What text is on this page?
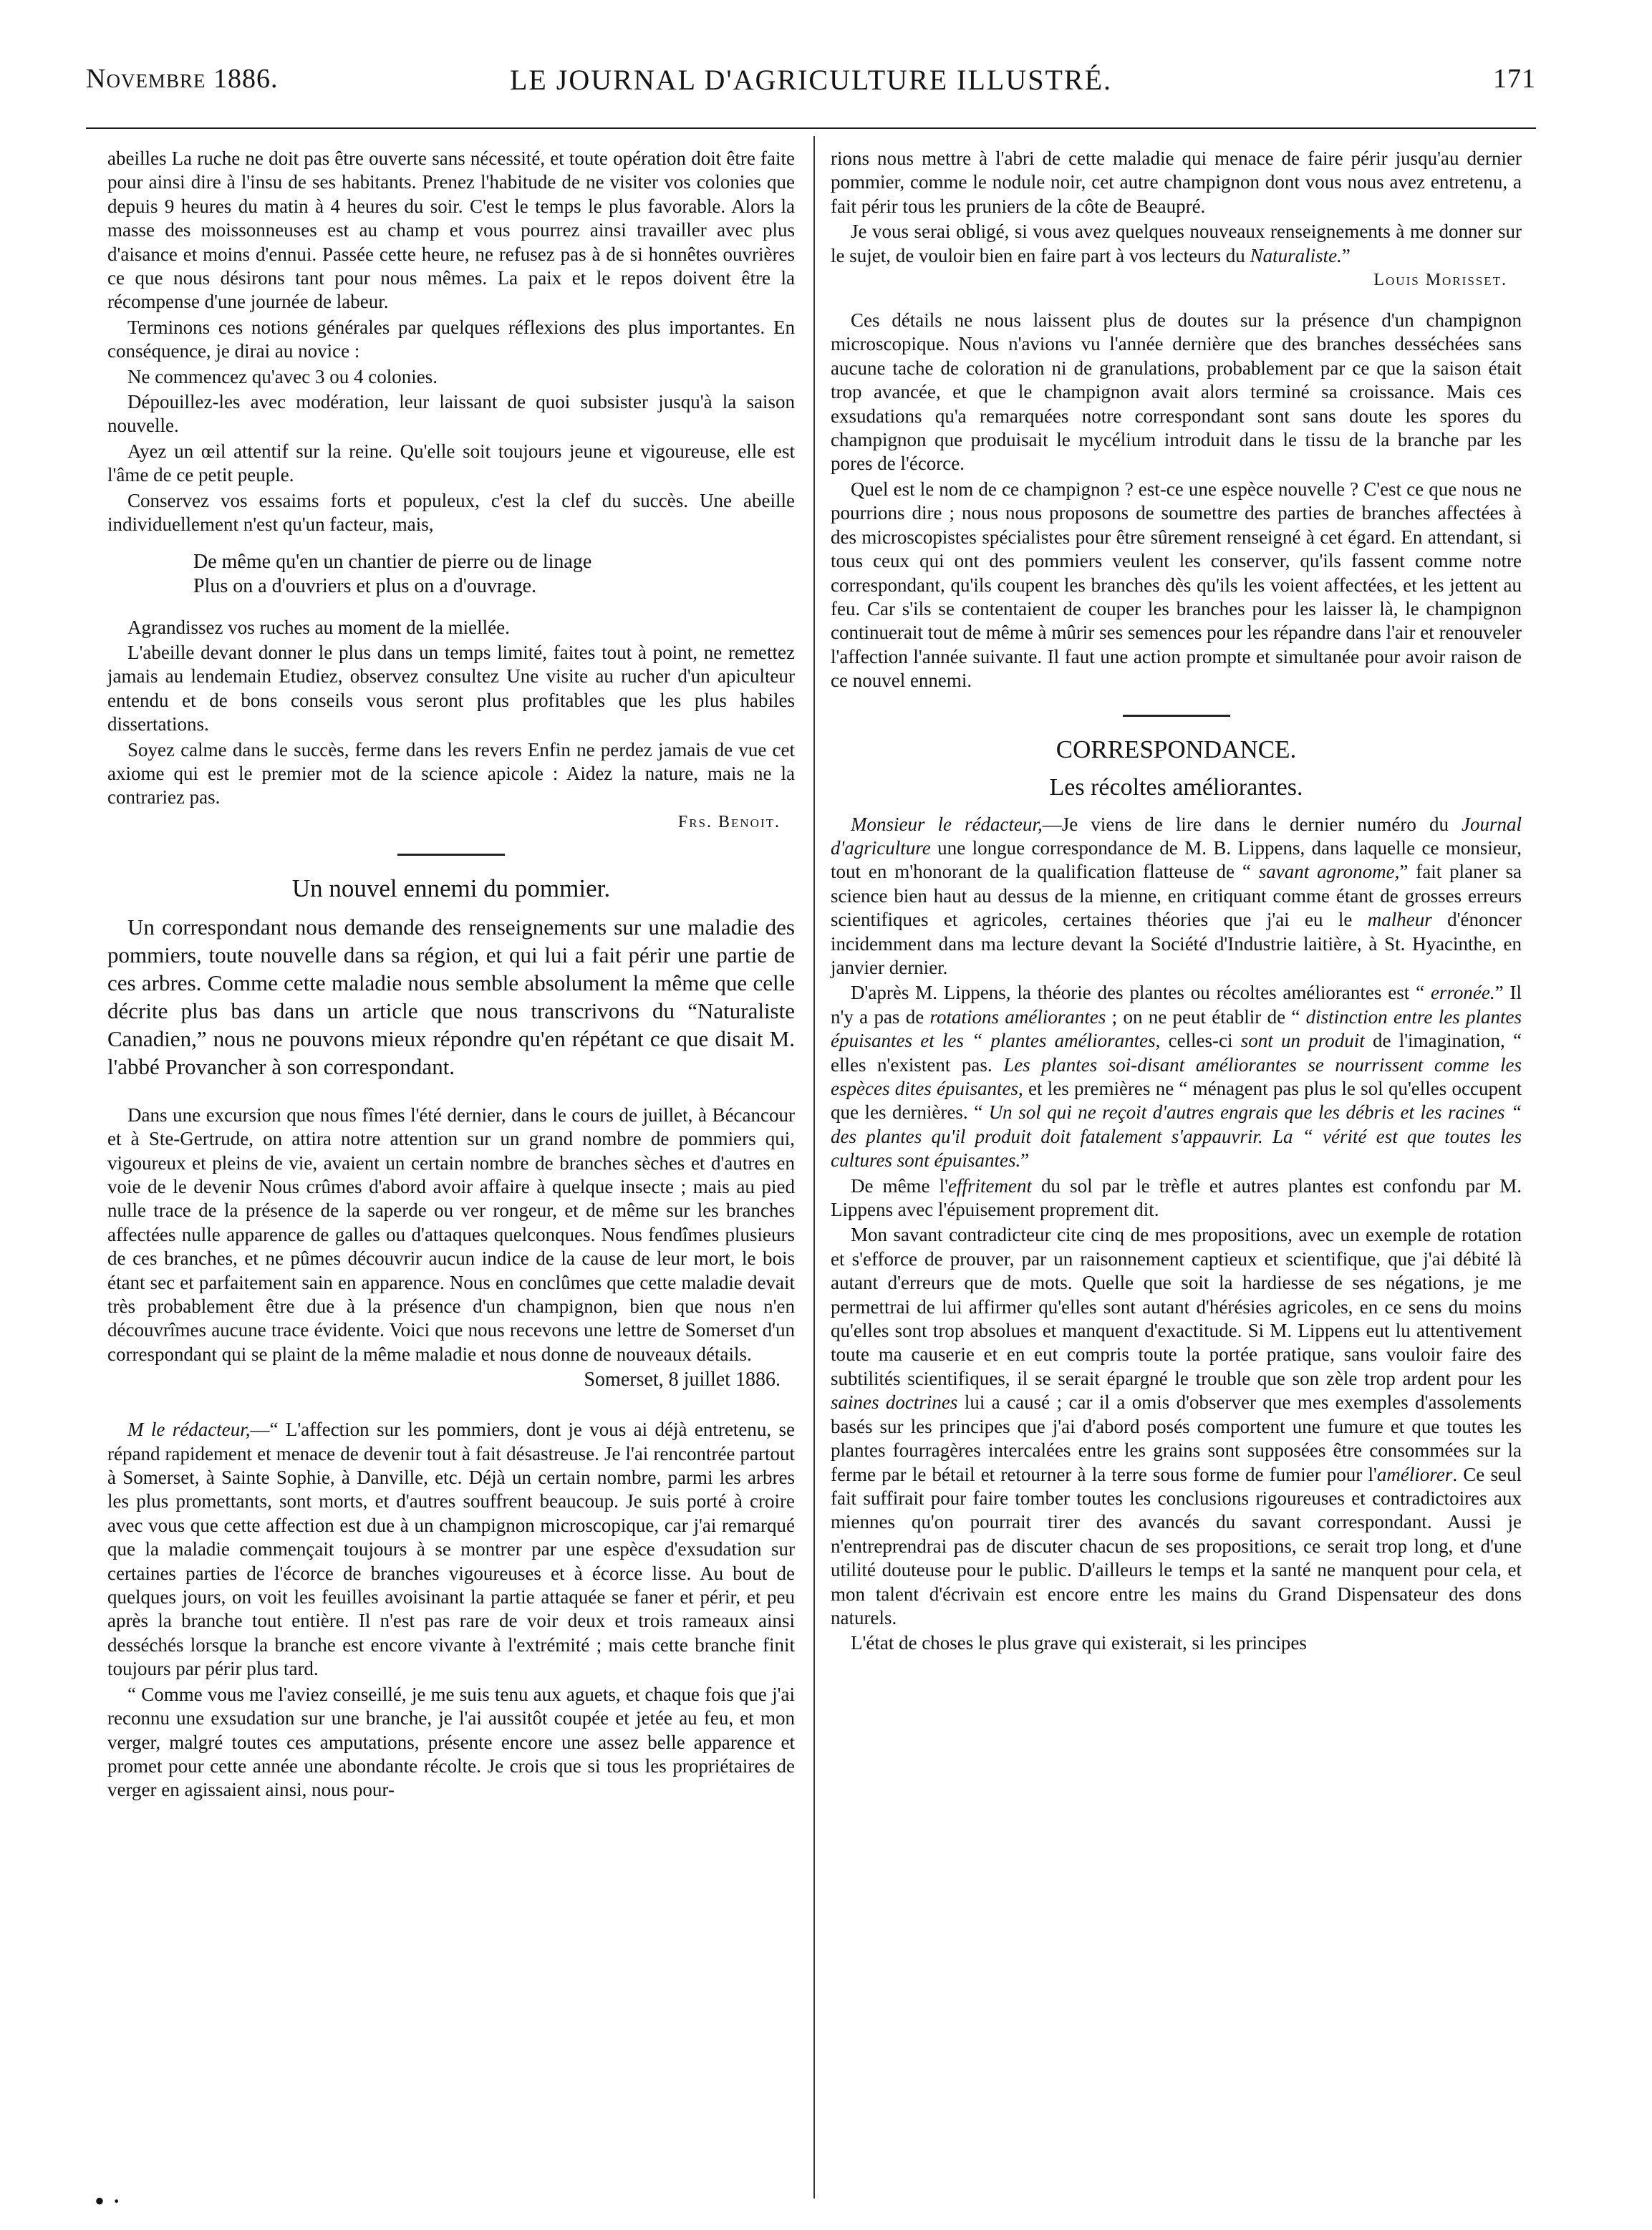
Novembre 1886.	LE JOURNAL D'AGRICULTURE ILLUSTRÉ.	171

abeilles La ruche ne doit pas être ouverte sans nécessité, et toute opération doit être faite pour ainsi dire à l'insu de ses habitants. Prenez l'habitude de ne visiter vos colonies que depuis 9 heures du matin à 4 heures du soir. C'est le temps le plus favorable. Alors la masse des moissonneuses est au champ et vous pourrez ainsi travailler avec plus d'aisance et moins d'ennui. Passée cette heure, ne refusez pas à de si honnêtes ouvrières ce que nous désirons tant pour nous mêmes. La paix et le repos doivent être la récompense d'une journée de labeur.

Terminons ces notions générales par quelques réflexions des plus importantes. En conséquence, je dirai au novice :

Ne commencez qu'avec 3 ou 4 colonies.

Dépouillez-les avec modération, leur laissant de quoi subsister jusqu'à la saison nouvelle.

Ayez un œil attentif sur la reine. Qu'elle soit toujours jeune et vigoureuse, elle est l'âme de ce petit peuple.

Conservez vos essaims forts et populeux, c'est la clef du succès. Une abeille individuellement n'est qu'un facteur, mais,

De même qu'en un chantier de pierre ou de linage
Plus on a d'ouvriers et plus on a d'ouvrage.

Agrandissez vos ruches au moment de la miellée.

L'abeille devant donner le plus dans un temps limité, faites tout à point, ne remettez jamais au lendemain Etudiez, observez consultez Une visite au rucher d'un apiculteur entendu et de bons conseils vous seront plus profitables que les plus habiles dissertations.

Soyez calme dans le succès, ferme dans les revers Enfin ne perdez jamais de vue cet axiome qui est le premier mot de la science apicole : Aidez la nature, mais ne la contrariez pas.

Frs. Benoit.
Un nouvel ennemi du pommier.

Un correspondant nous demande des renseignements sur une maladie des pommiers, toute nouvelle dans sa région, et qui lui a fait périr une partie de ces arbres. Comme cette maladie nous semble absolument la même que celle décrite plus bas dans un article que nous transcrivons du “Naturaliste Canadien,” nous ne pouvons mieux répondre qu'en répétant ce que disait M. l'abbé Provancher à son correspondant.

Dans une excursion que nous fîmes l'été dernier, dans le cours de juillet, à Bécancour et à Ste-Gertrude, on attira notre attention sur un grand nombre de pommiers qui, vigoureux et pleins de vie, avaient un certain nombre de branches sèches et d'autres en voie de le devenir Nous crûmes d'abord avoir affaire à quelque insecte ; mais au pied nulle trace de la présence de la saperde ou ver rongeur, et de même sur les branches affectées nulle apparence de galles ou d'attaques quelconques. Nous fendîmes plusieurs de ces branches, et ne pûmes découvrir aucun indice de la cause de leur mort, le bois étant sec et parfaitement sain en apparence. Nous en conclûmes que cette maladie devait très probablement être due à la présence d'un champignon, bien que nous n'en découvrîmes aucune trace évidente. Voici que nous recevons une lettre de Somerset d'un correspondant qui se plaint de la même maladie et nous donne de nouveaux détails.

Somerset, 8 juillet 1886.

M le rédacteur,—“ L'affection sur les pommiers, dont je vous ai déjà entretenu, se répand rapidement et menace de devenir tout à fait désastreuse. Je l'ai rencontrée partout à Somerset, à Sainte Sophie, à Danville, etc. Déjà un certain nombre, parmi les arbres les plus promettants, sont morts, et d'autres souffrent beaucoup. Je suis porté à croire avec vous que cette affection est due à un champignon microscopique, car j'ai remarqué que la maladie commençait toujours à se montrer par une espèce d'exsudation sur certaines parties de l'écorce de branches vigoureuses et à écorce lisse. Au bout de quelques jours, on voit les feuilles avoisinant la partie attaquée se faner et périr, et peu après la branche tout entière. Il n'est pas rare de voir deux et trois rameaux ainsi desséchés lorsque la branche est encore vivante à l'extrémité ; mais cette branche finit toujours par périr plus tard.

“ Comme vous me l'aviez conseillé, je me suis tenu aux aguets, et chaque fois que j'ai reconnu une exsudation sur une branche, je l'ai aussitôt coupée et jetée au feu, et mon verger, malgré toutes ces amputations, présente encore une assez belle apparence et promet pour cette année une abondante récolte. Je crois que si tous les propriétaires de verger en agissaient ainsi, nous pour-

rions nous mettre à l'abri de cette maladie qui menace de faire périr jusqu'au dernier pommier, comme le nodule noir, cet autre champignon dont vous nous avez entretenu, a fait périr tous les pruniers de la côte de Beaupré.

Je vous serai obligé, si vous avez quelques nouveaux renseignements à me donner sur le sujet, de vouloir bien en faire part à vos lecteurs du Naturaliste.”

Louis Morisset.

Ces détails ne nous laissent plus de doutes sur la présence d'un champignon microscopique. Nous n'avions vu l'année dernière que des branches desséchées sans aucune tache de coloration ni de granulations, probablement par ce que la saison était trop avancée, et que le champignon avait alors terminé sa croissance. Mais ces exsudations qu'a remarquées notre correspondant sont sans doute les spores du champignon que produisait le mycélium introduit dans le tissu de la branche par les pores de l'écorce.

Quel est le nom de ce champignon ? est-ce une espèce nouvelle ? C'est ce que nous ne pourrions dire ; nous nous proposons de soumettre des parties de branches affectées à des microscopistes spécialistes pour être sûrement renseigné à cet égard. En attendant, si tous ceux qui ont des pommiers veulent les conserver, qu'ils fassent comme notre correspondant, qu'ils coupent les branches dès qu'ils les voient affectées, et les jettent au feu. Car s'ils se contentaient de couper les branches pour les laisser là, le champignon continuerait tout de même à mûrir ses semences pour les répandre dans l'air et renouveler l'affection l'année suivante. Il faut une action prompte et simultanée pour avoir raison de ce nouvel ennemi.

CORRESPONDANCE.
Les récoltes améliorantes.

Monsieur le rédacteur,—Je viens de lire dans le dernier numéro du Journal d'agriculture une longue correspondance de M. B. Lippens, dans laquelle ce monsieur, tout en m'honorant de la qualification flatteuse de “ savant agronome,” fait planer sa science bien haut au dessus de la mienne, en critiquant comme étant de grosses erreurs scientifiques et agricoles, certaines théories que j'ai eu le malheur d'énoncer incidemment dans ma lecture devant la Société d'Industrie laitière, à St. Hyacinthe, en janvier dernier.

D'après M. Lippens, la théorie des plantes ou récoltes améliorantes est “ erronée.” Il n'y a pas de rotations améliorantes ; on ne peut établir de “ distinction entre les plantes épuisantes et les “ plantes améliorantes, celles-ci sont un produit de l'imagination, “ elles n'existent pas. Les plantes soi-disant améliorantes se nourrissent comme les espèces dites épuisantes, et les premières ne “ ménagent pas plus le sol qu'elles occupent que les dernières. “ Un sol qui ne reçoit d'autres engrais que les débris et les racines “ des plantes qu'il produit doit fatalement s'appauvrir. La “ vérité est que toutes les cultures sont épuisantes.”

De même l'effritement du sol par le trèfle et autres plantes est confondu par M. Lippens avec l'épuisement proprement dit.

Mon savant contradicteur cite cinq de mes propositions, avec un exemple de rotation et s'efforce de prouver, par un raisonnement captieux et scientifique, que j'ai débité là autant d'erreurs que de mots. Quelle que soit la hardiesse de ses négations, je me permettrai de lui affirmer qu'elles sont autant d'hérésies agricoles, en ce sens du moins qu'elles sont trop absolues et manquent d'exactitude. Si M. Lippens eut lu attentivement toute ma causerie et en eut compris toute la portée pratique, sans vouloir faire des subtilités scientifiques, il se serait épargné le trouble que son zèle trop ardent pour les saines doctrines lui a causé ; car il a omis d'observer que mes exemples d'assolements basés sur les principes que j'ai d'abord posés comportent une fumure et que toutes les plantes fourragères intercalées entre les grains sont supposées être consommées sur la ferme par le bétail et retourner à la terre sous forme de fumier pour l'améliorer. Ce seul fait suffirait pour faire tomber toutes les conclusions rigoureuses et contradictoires aux miennes qu'on pourrait tirer des avancés du savant correspondant. Aussi je n'entreprendrai pas de discuter chacun de ses propositions, ce serait trop long, et d'une utilité douteuse pour le public. D'ailleurs le temps et la santé ne manquent pour cela, et mon talent d'écrivain est encore entre les mains du Grand Dispensateur des dons naturels.

L'état de choses le plus grave qui existerait, si les principes

• ·
